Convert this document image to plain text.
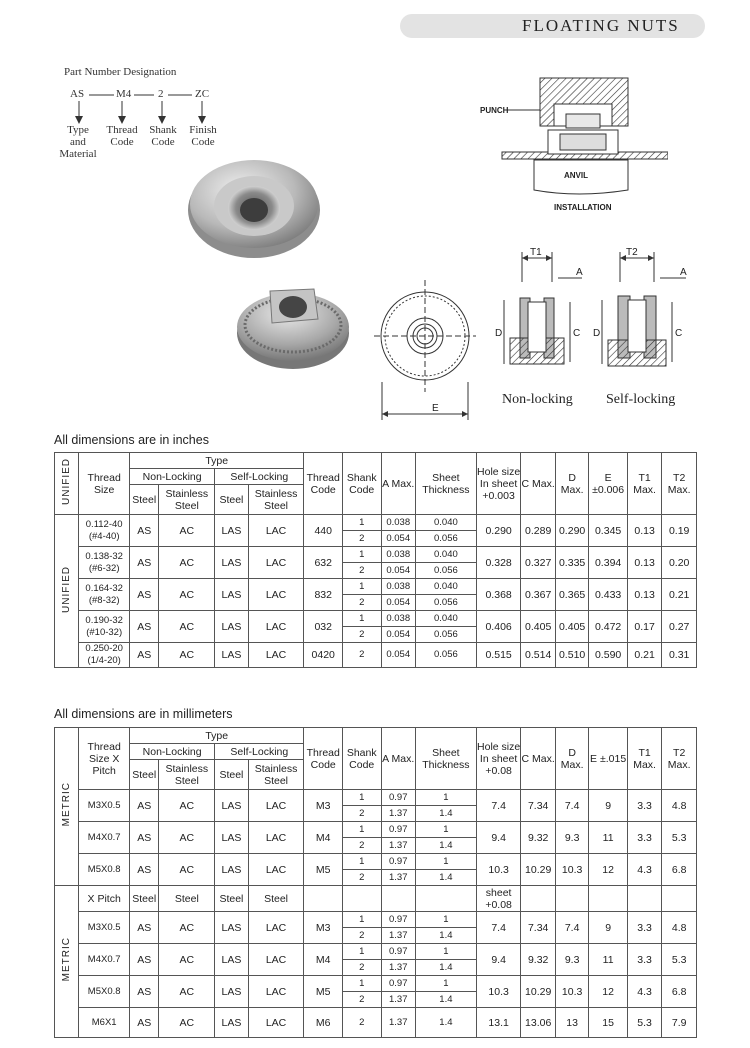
FLOATING NUTS
Part Number Designation
AS	M4 2	ZC
Type
and
Material
Thread
Code
Shank
Code
Finish
Code
PUNCH
ANVIL
INSTALLATION
E
T1
A
D	C
Non-locking
T2
A
D	C
Self-locking
All dimensions are in inches
UNIFIED	Thread Size	Type				Thread Code	Shank Code	A Max.	Sheet Thickness	Hole size In sheet +0.003	C Max.	D Max.	E ±0.006	T1 Max.	T2 Max.
		Non-Locking		Self-Locking											
		Steel	Stainless Steel	Steel	Stainless Steel										
UNIFIED	0.112-40 (#4-40)	AS	AC	LAS	LAC	440	1	0.038	0.040	0.290	0.289	0.290	0.345	0.13	0.19
							2	0.054	0.056						
	0.138-32 (#6-32)	AS	AC	LAS	LAC	632	1	0.038	0.040	0.328	0.327	0.335	0.394	0.13	0.20
							2	0.054	0.056						
	0.164-32 (#8-32)	AS	AC	LAS	LAC	832	1	0.038	0.040	0.368	0.367	0.365	0.433	0.13	0.21
							2	0.054	0.056						
	0.190-32 (#10-32)	AS	AC	LAS	LAC	032	1	0.038	0.040	0.406	0.405	0.405	0.472	0.17	0.27
							2	0.054	0.056						
	0.250-20 (1/4-20)	AS	AC	LAS	LAC	0420	2	0.054	0.056	0.515	0.514	0.510	0.590	0.21	0.31
All dimensions are in millimeters
METRIC	Thread Size X Pitch	Type				Thread Code	Shank Code	A Max.	Sheet Thickness	Hole size In sheet +0.08	C Max.	D Max.	E ±.015	T1 Max.	T2 Max.
		Non-Locking		Self-Locking											
		Steel	Stainless Steel	Steel	Stainless Steel										
	M3X0.5	AS	AC	LAS	LAC	M3	1	0.97	1	7.4	7.34	7.4	9	3.3	4.8
							2	1.37	1.4						
	M4X0.7	AS	AC	LAS	LAC	M4	1	0.97	1	9.4	9.32	9.3	11	3.3	5.3
							2	1.37	1.4						
	M5X0.8	AS	AC	LAS	LAC	M5	1	0.97	1	10.3	10.29	10.3	12	4.3	6.8
							2	1.37	1.4						
METRIC	X Pitch	Steel	Steel	Steel	Steel					sheet +0.08					
	M3X0.5	AS	AC	LAS	LAC	M3	1	0.97	1	7.4	7.34	7.4	9	3.3	4.8
							2	1.37	1.4						
	M4X0.7	AS	AC	LAS	LAC	M4	1	0.97	1	9.4	9.32	9.3	11	3.3	5.3
							2	1.37	1.4						
	M5X0.8	AS	AC	LAS	LAC	M5	1	0.97	1	10.3	10.29	10.3	12	4.3	6.8
							2	1.37	1.4						
	M6X1	AS	AC	LAS	LAC	M6	2	1.37	1.4	13.1	13.06	13	15	5.3	7.9
